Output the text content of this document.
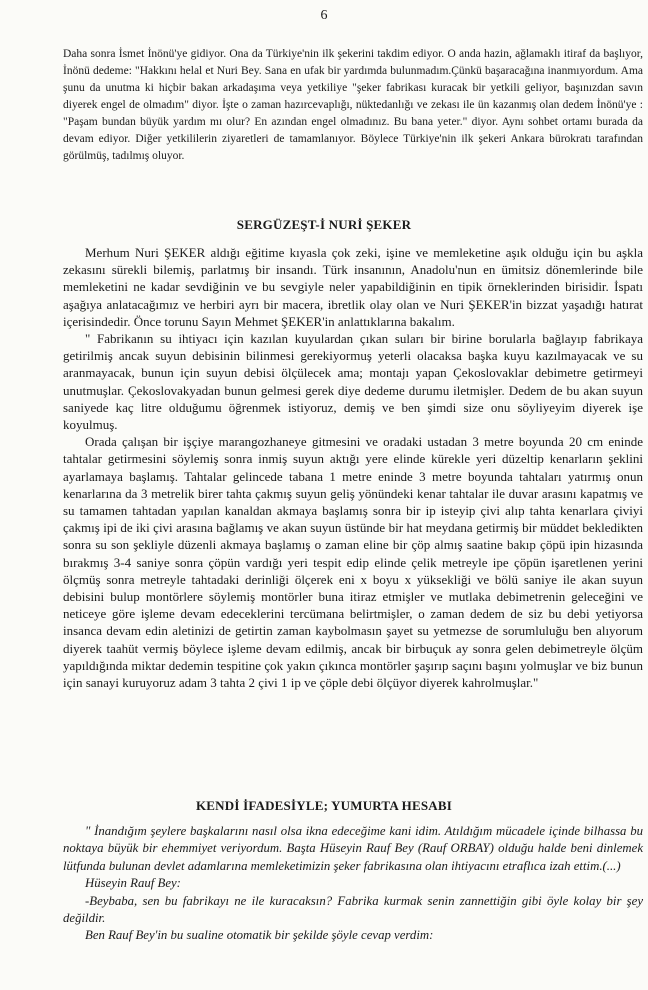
6

Daha sonra İsmet İnönü'ye gidiyor. Ona da Türkiye'nin ilk şekerini takdim ediyor. O anda hazin, ağlamaklı itiraf da başlıyor, İnönü dedeme: "Hakkını helal et Nuri Bey. Sana en ufak bir yardımda bulunmadım.Çünkü başaracağına inanmıyordum. Ama şunu da unutma ki hiçbir bakan arkadaşıma veya yetkiliye "şeker fabrikası kuracak bir yetkili geliyor, başınızdan savın diyerek engel de olmadım" diyor. İşte o zaman hazırcevaplığı, nüktedanlığı ve zekası ile ün kazanmış olan dedem İnönü'ye : "Paşam bundan büyük yardım mı olur? En azından engel olmadınız. Bu bana yeter." diyor. Aynı sohbet ortamı burada da devam ediyor. Diğer yetkililerin ziyaretleri de tamamlanıyor. Böylece Türkiye'nin ilk şekeri Ankara bürokratı tarafından görülmüş, tadılmış oluyor.

SERGÜZEŞT-İ NURİ ŞEKER

Merhum Nuri ŞEKER aldığı eğitime kıyasla çok zeki, işine ve memleketine aşık olduğu için bu aşkla zekasını sürekli bilemiş, parlatmış bir insandı. Türk insanının, Anadolu'nun en ümitsiz dönemlerinde bile memleketini ne kadar sevdiğinin ve bu sevgiyle neler yapabildiğinin en tipik örneklerinden birisidir. İspatı aşağıya anlatacağımız ve herbiri ayrı bir macera, ibretlik olay olan ve Nuri ŞEKER'in bizzat yaşadığı hatırat içerisindedir. Önce torunu Sayın Mehmet ŞEKER'in anlattıklarına bakalım.

" Fabrikanın su ihtiyacı için kazılan kuyulardan çıkan suları bir birine borularla bağlayıp fabrikaya getirilmiş ancak suyun debisinin bilinmesi gerekiyormuş yeterli olacaksa başka kuyu kazılmayacak ve su aranmayacak, bunun için suyun debisi ölçülecek ama; montajı yapan Çekoslovaklar debimetre getirmeyi unutmuşlar. Çekoslovakyadan bunun gelmesi gerek diye dedeme durumu iletmişler. Dedem de bu akan suyun saniyede kaç litre olduğumu öğrenmek istiyoruz, demiş ve ben şimdi size onu söyliyeyim diyerek işe koyulmuş.

Orada çalışan bir işçiye marangozhaneye gitmesini ve oradaki ustadan 3 metre boyunda 20 cm eninde tahtalar getirmesini söylemiş sonra inmiş suyun aktığı yere elinde kürekle yeri düzeltip kenarların şeklini ayarlamaya başlamış. Tahtalar gelincede tabana 1 metre eninde 3 metre boyunda tahtaları yatırmış onun kenarlarına da 3 metrelik birer tahta çakmış suyun geliş yönündeki kenar tahtalar ile duvar arasını kapatmış ve su tamamen tahtadan yapılan kanaldan akmaya başlamış sonra bir ip isteyip çivi alıp tahta kenarlara çiviyi çakmış ipi de iki çivi arasına bağlamış ve akan suyun üstünde bir hat meydana getirmiş bir müddet bekledikten sonra su son şekliyle düzenli akmaya başlamış o zaman eline bir çöp almış saatine bakıp çöpü ipin hizasında bırakmış 3-4 saniye sonra çöpün vardığı yeri tespit edip elinde çelik metreyle ipe çöpün işaretlenen yerini ölçmüş sonra metreyle tahtadaki derinliği ölçerek eni x boyu x yüksekliği ve bölü saniye ile akan suyun debisini bulup montörlere söylemiş montörler buna itiraz etmişler ve mutlaka debimetrenin geleceğini ve neticeye göre işleme devam edeceklerini tercümana belirtmişler, o zaman dedem de siz bu debi yetiyorsa insanca devam edin aletinizi de getirtin zaman kaybolmasın şayet su yetmezse de sorumluluğu ben alıyorum diyerek taahüt vermiş böylece işleme devam edilmiş, ancak bir birbuçuk ay sonra gelen debimetreyle ölçüm yapıldığında miktar dedemin tespitine çok yakın çıkınca montörler şaşırıp saçını başını yolmuşlar ve biz bunun için sanayi kuruyoruz adam 3 tahta 2 çivi 1 ip ve çöple debi ölçüyor diyerek kahrolmuşlar."

KENDİ İFADESİYLE; YUMURTA HESABI

" İnandığım şeylere başkalarını nasıl olsa ikna edeceğime kani idim. Atıldığım mücadele içinde bilhassa bu noktaya büyük bir ehemmiyet veriyordum. Başta Hüseyin Rauf Bey (Rauf ORBAY) olduğu halde beni dinlemek lütfunda bulunan devlet adamlarına memleketimizin şeker fabrikasına olan ihtiyacını etraflıca izah ettim.(...)

Hüseyin Rauf Bey:

-Beybaba, sen bu fabrikayı ne ile kuracaksın? Fabrika kurmak senin zannettiğin gibi öyle kolay bir şey değildir.

Ben Rauf Bey'in bu sualine otomatik bir şekilde şöyle cevap verdim:
